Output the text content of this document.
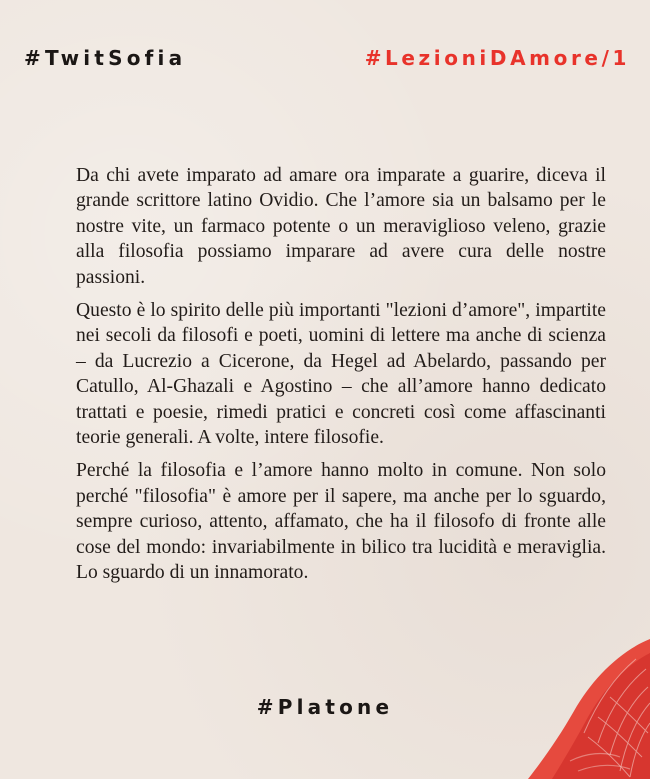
#TwitSofia	#LezioniDAmore/1

Da chi avete imparato ad amare ora imparate a guarire, diceva il grande scrittore latino Ovidio. Che l’amore sia un balsamo per le nostre vite, un farmaco potente o un meraviglioso veleno, grazie alla filosofia possiamo imparare ad avere cura delle nostre passioni.

Questo è lo spirito delle più importanti "lezioni d’amore", impartite nei secoli da filosofi e poeti, uomini di lettere ma anche di scienza – da Lucrezio a Cicerone, da Hegel ad Abelardo, passando per Catullo, Al-Ghazali e Agostino – che all’amore hanno dedicato trattati e poesie, rimedi pratici e concreti così come affascinanti teorie generali. A volte, intere filosofie.

Perché la filosofia e l’amore hanno molto in comune. Non solo perché "filosofia" è amore per il sapere, ma anche per lo sguardo, sempre curioso, attento, affamato, che ha il filosofo di fronte alle cose del mondo: invariabilmente in bilico tra lucidità e meraviglia. Lo sguardo di un innamorato.

#Platone
